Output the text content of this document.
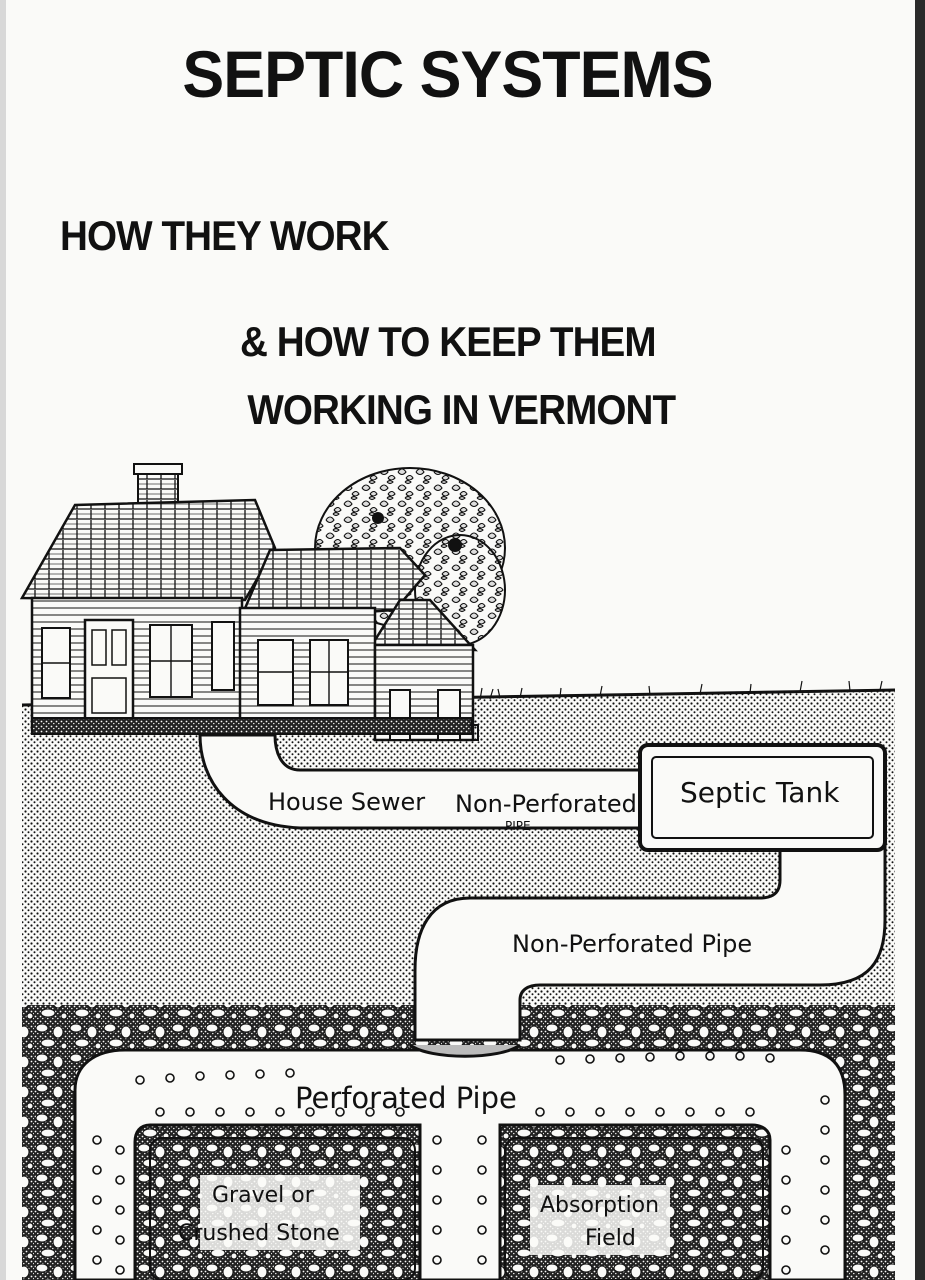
SEPTIC SYSTEMS
HOW THEY WORK
& HOW TO KEEP THEM
WORKING IN VERMONT
House Sewer Non-Perforated
PIPE
Septic Tank
Non-Perforated Pipe
Perforated Pipe
Gravel or
Crushed Stone
Absorption
Field
